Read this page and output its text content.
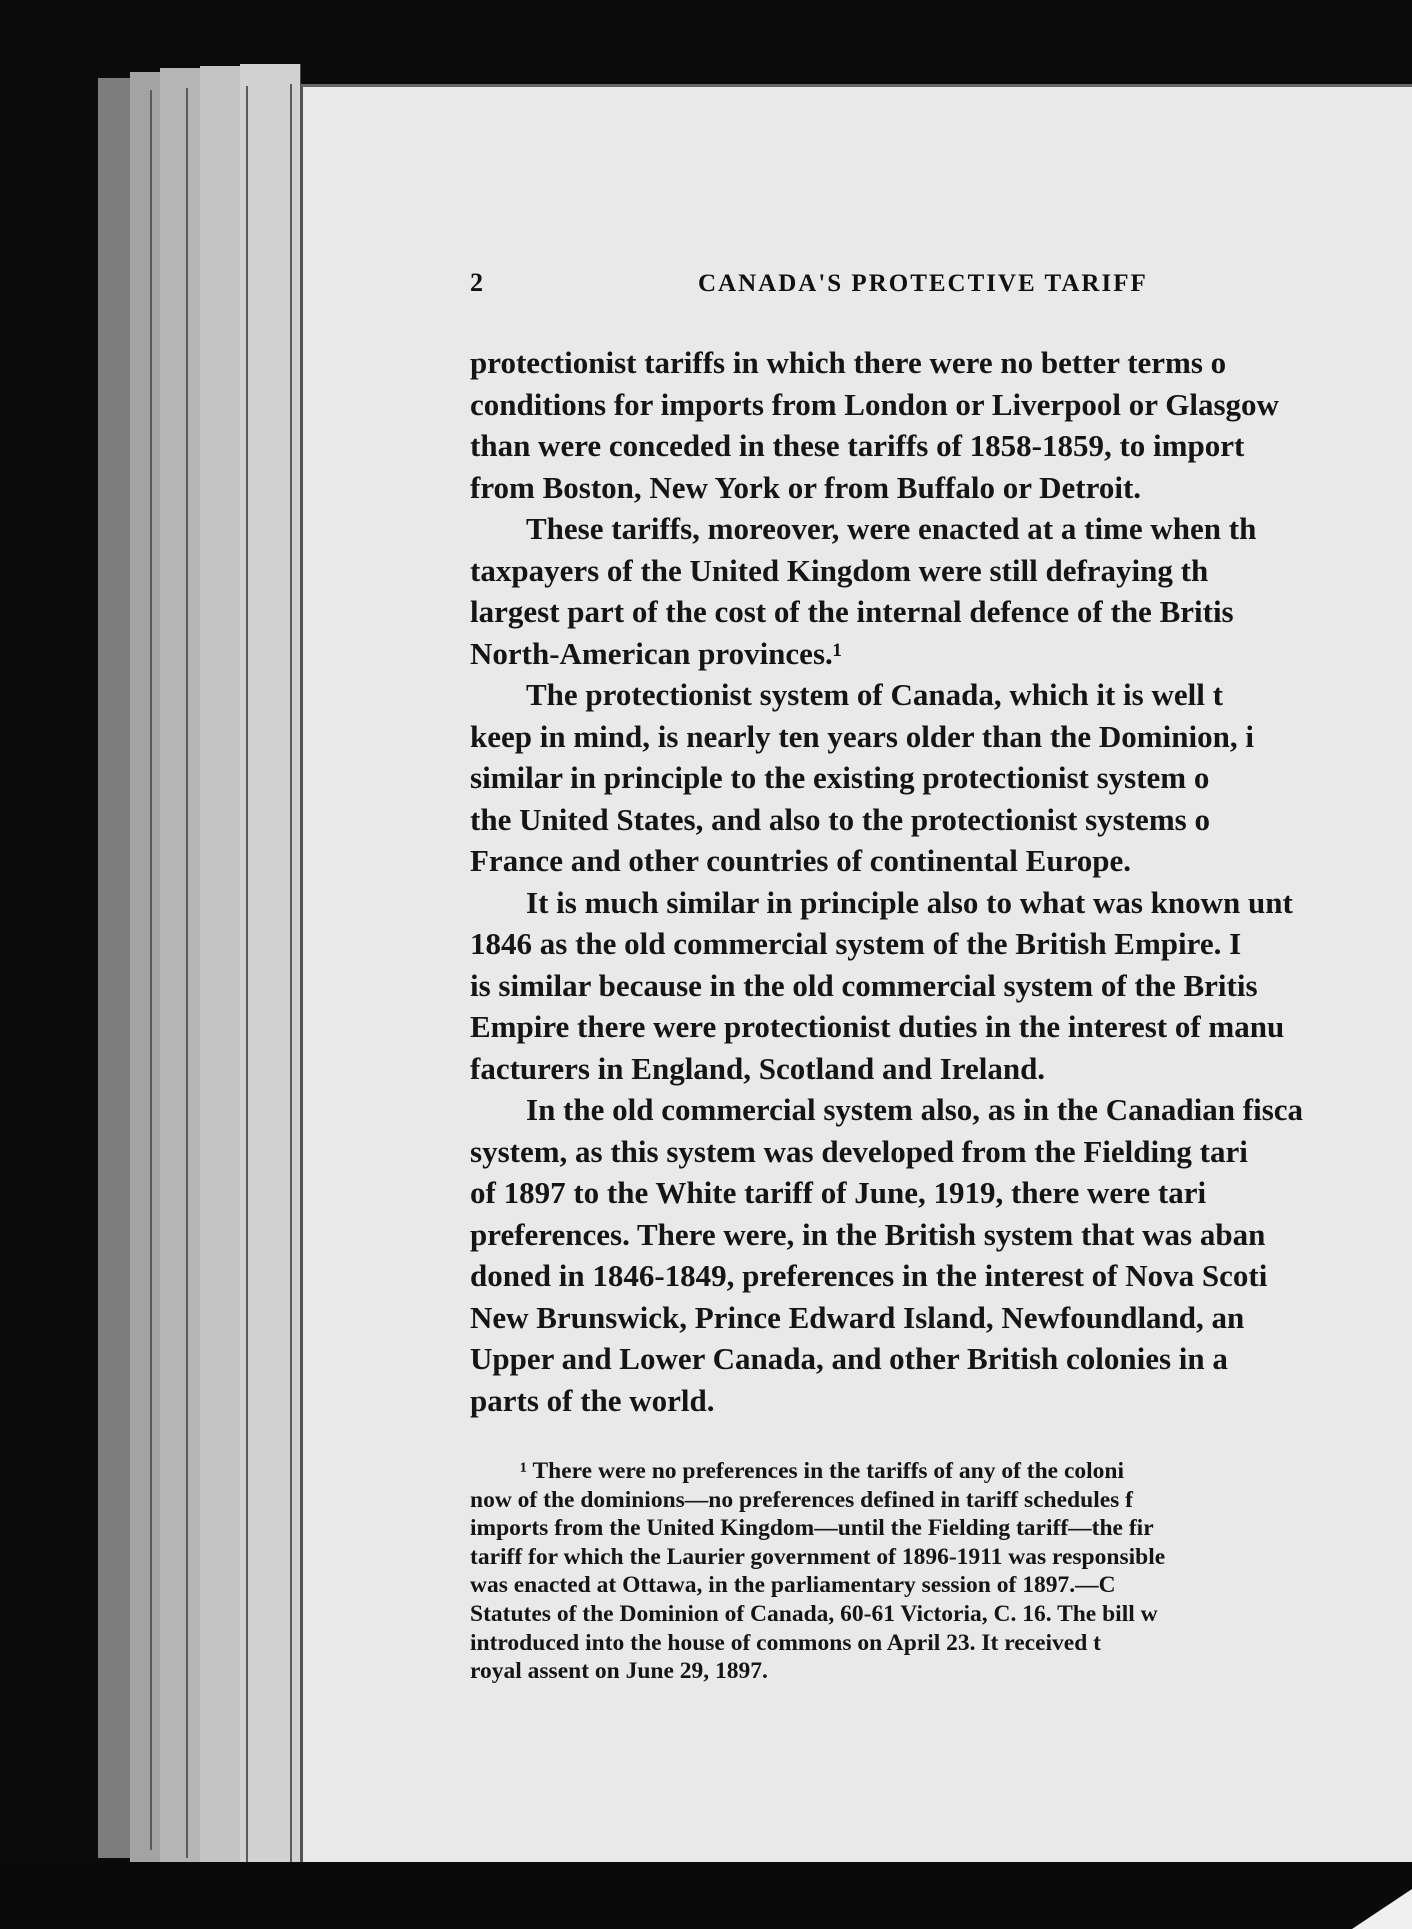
2	CANADA'S PROTECTIVE TARIFF
protectionist tariffs in which there were no better terms o
conditions for imports from London or Liverpool or Glasgow
than were conceded in these tariffs of 1858-1859, to import
from Boston, New York or from Buffalo or Detroit.
These tariffs, moreover, were enacted at a time when th
taxpayers of the United Kingdom were still defraying th
largest part of the cost of the internal defence of the Britis
North-American provinces.¹
The protectionist system of Canada, which it is well t
keep in mind, is nearly ten years older than the Dominion, i
similar in principle to the existing protectionist system o
the United States, and also to the protectionist systems o
France and other countries of continental Europe.
It is much similar in principle also to what was known unt
1846 as the old commercial system of the British Empire. I
is similar because in the old commercial system of the Britis
Empire there were protectionist duties in the interest of manu
facturers in England, Scotland and Ireland.
In the old commercial system also, as in the Canadian fisca
system, as this system was developed from the Fielding tari
of 1897 to the White tariff of June, 1919, there were tari
preferences. There were, in the British system that was aban
doned in 1846-1849, preferences in the interest of Nova Scoti
New Brunswick, Prince Edward Island, Newfoundland, an
Upper and Lower Canada, and other British colonies in a
parts of the world.
¹ There were no preferences in the tariffs of any of the coloni
now of the dominions—no preferences defined in tariff schedules f
imports from the United Kingdom—until the Fielding tariff—the fir
tariff for which the Laurier government of 1896-1911 was responsible
was enacted at Ottawa, in the parliamentary session of 1897.—C
Statutes of the Dominion of Canada, 60-61 Victoria, C. 16. The bill w
introduced into the house of commons on April 23. It received t
royal assent on June 29, 1897.
